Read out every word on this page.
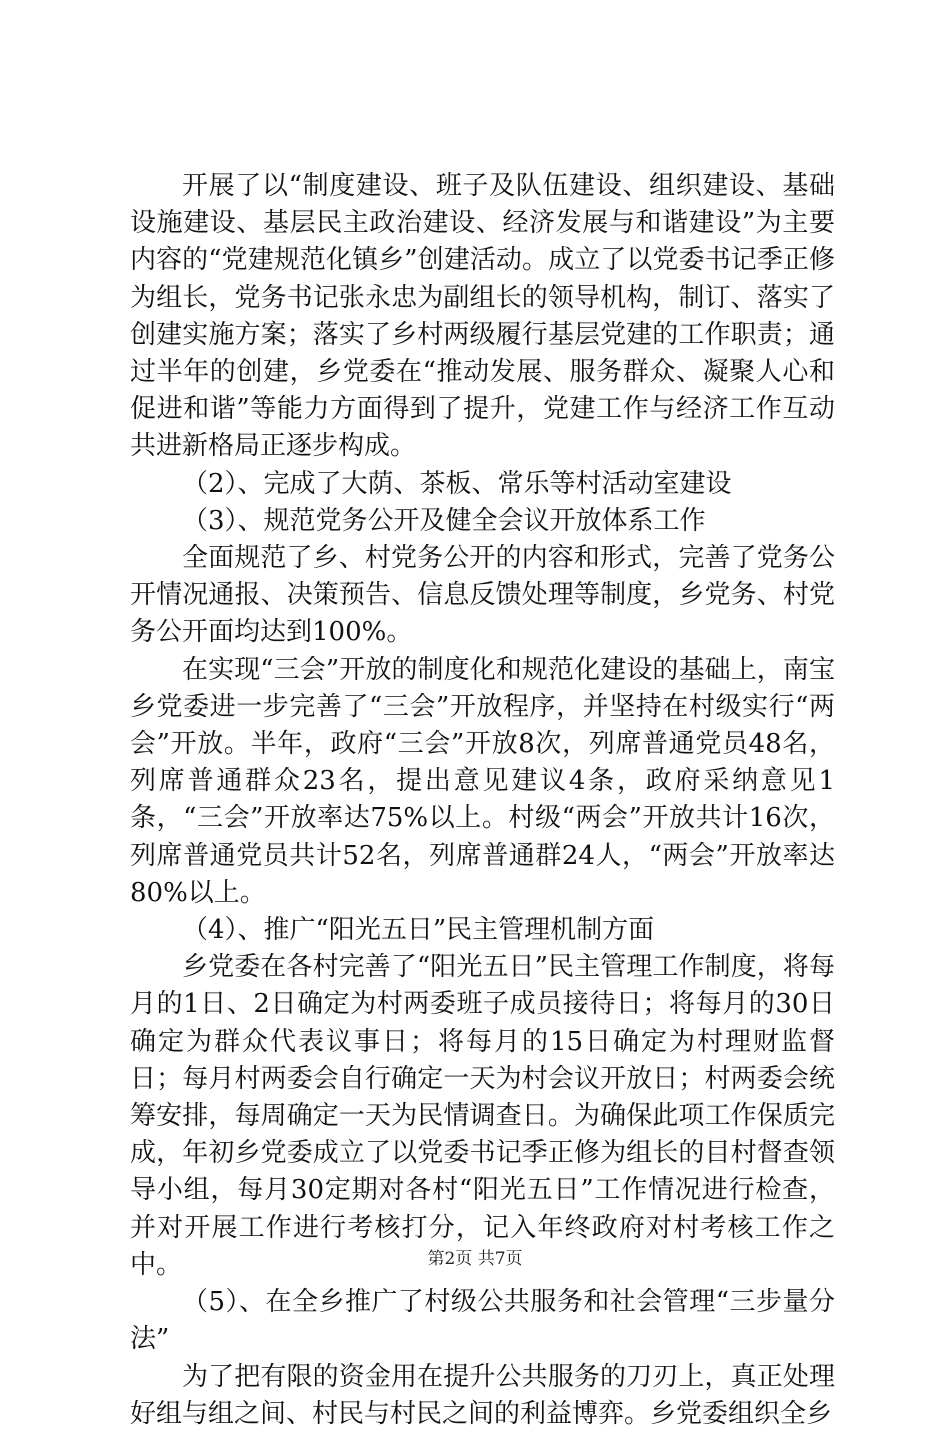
开展了以“制度建设、班子及队伍建设、组织建设、基础设施建设、基层民主政治建设、经济发展与和谐建设”为主要内容的“党建规范化镇乡”创建活动。成立了以党委书记季正修为组长，党务书记张永忠为副组长的领导机构，制订、落实了创建实施方案；落实了乡村两级履行基层党建的工作职责；通过半年的创建，乡党委在“推动发展、服务群众、凝聚人心和促进和谐”等能力方面得到了提升，党建工作与经济工作互动共进新格局正逐步构成。

（2）、完成了大荫、茶板、常乐等村活动室建设

（3）、规范党务公开及健全会议开放体系工作

全面规范了乡、村党务公开的内容和形式，完善了党务公开情况通报、决策预告、信息反馈处理等制度，乡党务、村党务公开面均达到100%。

在实现“三会”开放的制度化和规范化建设的基础上，南宝乡党委进一步完善了“三会”开放程序，并坚持在村级实行“两会”开放。半年，政府“三会”开放8次，列席普通党员48名，列席普通群众23名，提出意见建议4条，政府采纳意见1条，“三会”开放率达75%以上。村级“两会”开放共计16次，列席普通党员共计52名，列席普通群24人，“两会”开放率达80%以上。

（4）、推广“阳光五日”民主管理机制方面

乡党委在各村完善了“阳光五日”民主管理工作制度，将每月的1日、2日确定为村两委班子成员接待日；将每月的30日确定为群众代表议事日；将每月的15日确定为村理财监督日；每月村两委会自行确定一天为村会议开放日；村两委会统筹安排，每周确定一天为民情调查日。为确保此项工作保质完成，年初乡党委成立了以党委书记季正修为组长的目村督查领导小组，每月30定期对各村“阳光五日”工作情况进行检查，并对开展工作进行考核打分，记入年终政府对村考核工作之中。

（5）、在全乡推广了村级公共服务和社会管理“三步量分法”

为了把有限的资金用在提升公共服务的刀刃上，真正处理好组与组之间、村民与村民之间的利益博弈。乡党委组织全乡

第2页 共7页
